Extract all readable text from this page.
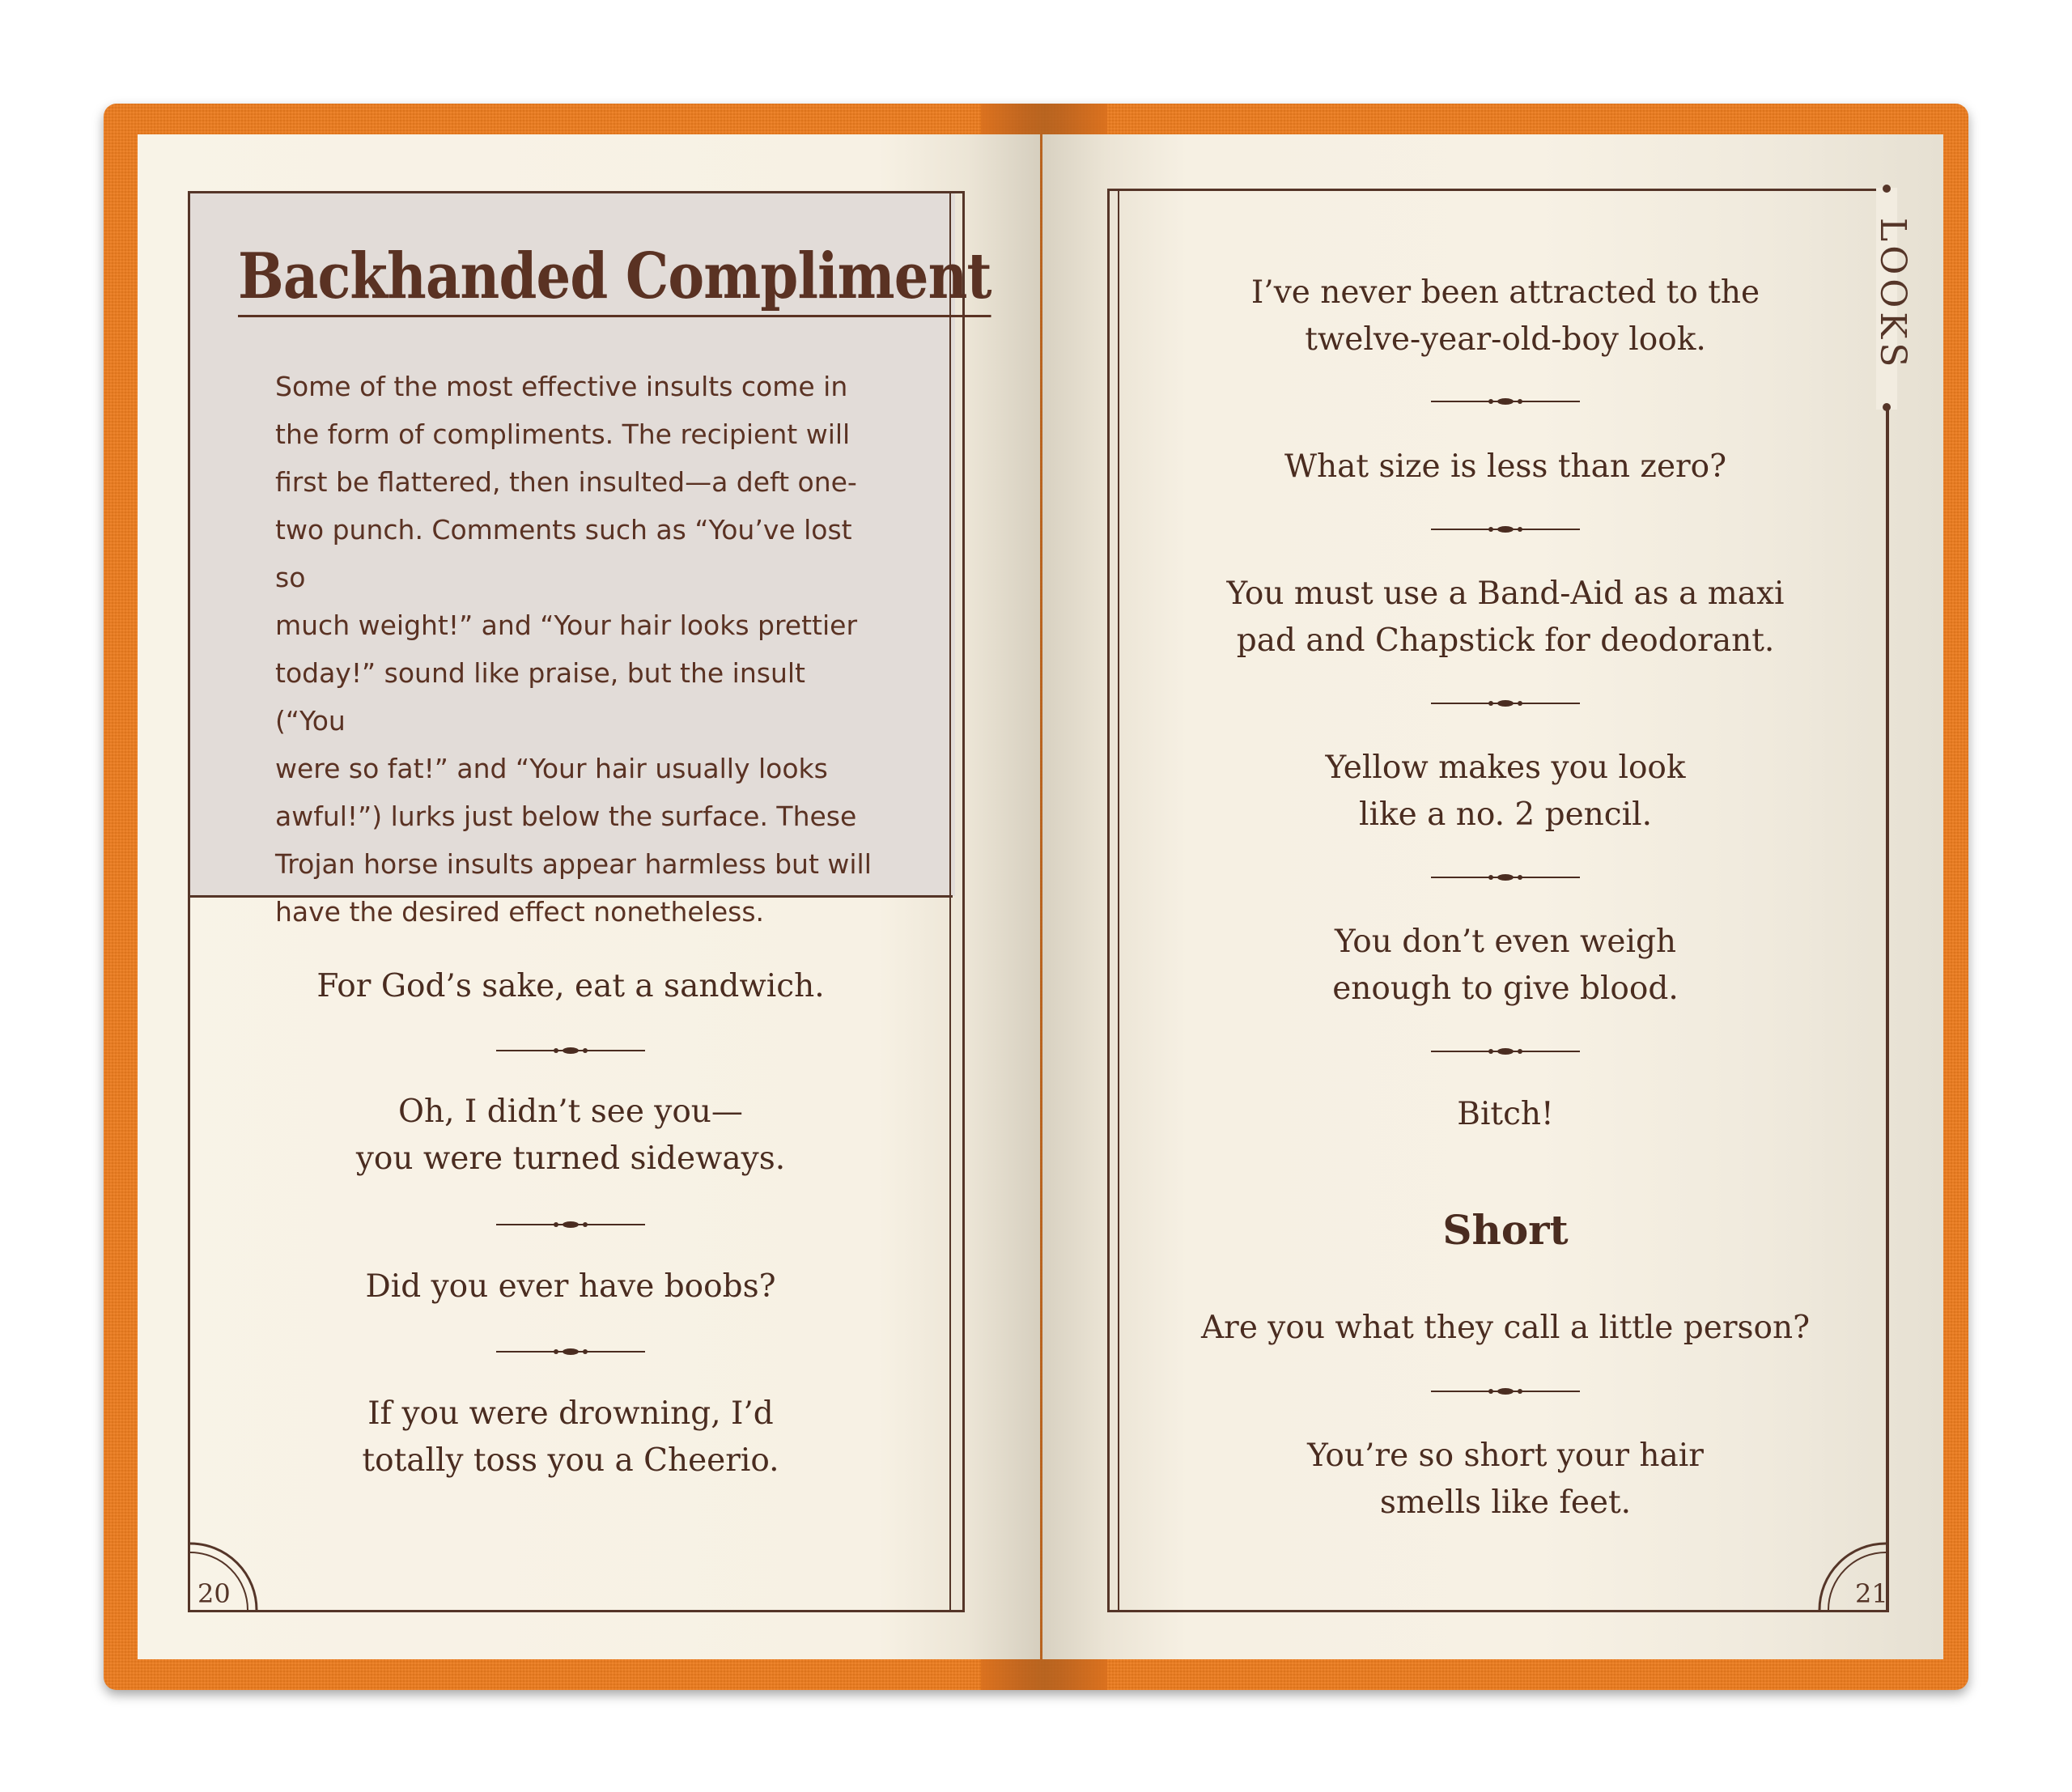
Backhanded Compliment

Some of the most effective insults come in
the form of compliments. The recipient will
first be flattered, then insulted—a deft one-
two punch. Comments such as “You’ve lost so
much weight!” and “Your hair looks prettier
today!” sound like praise, but the insult (“You
were so fat!” and “Your hair usually looks
awful!”) lurks just below the surface. These
Trojan horse insults appear harmless but will
have the desired effect nonetheless.

For God’s sake, eat a sandwich.

Oh, I didn’t see you—
you were turned sideways.

Did you ever have boobs?

If you were drowning, I’d
totally toss you a Cheerio.

20
LOOKS

I’ve never been attracted to the
twelve-year-old-boy look.

What size is less than zero?

You must use a Band-Aid as a maxi
pad and Chapstick for deodorant.

Yellow makes you look
like a no. 2 pencil.

You don’t even weigh
enough to give blood.

Bitch!

Short

Are you what they call a little person?

You’re so short your hair
smells like feet.

21
